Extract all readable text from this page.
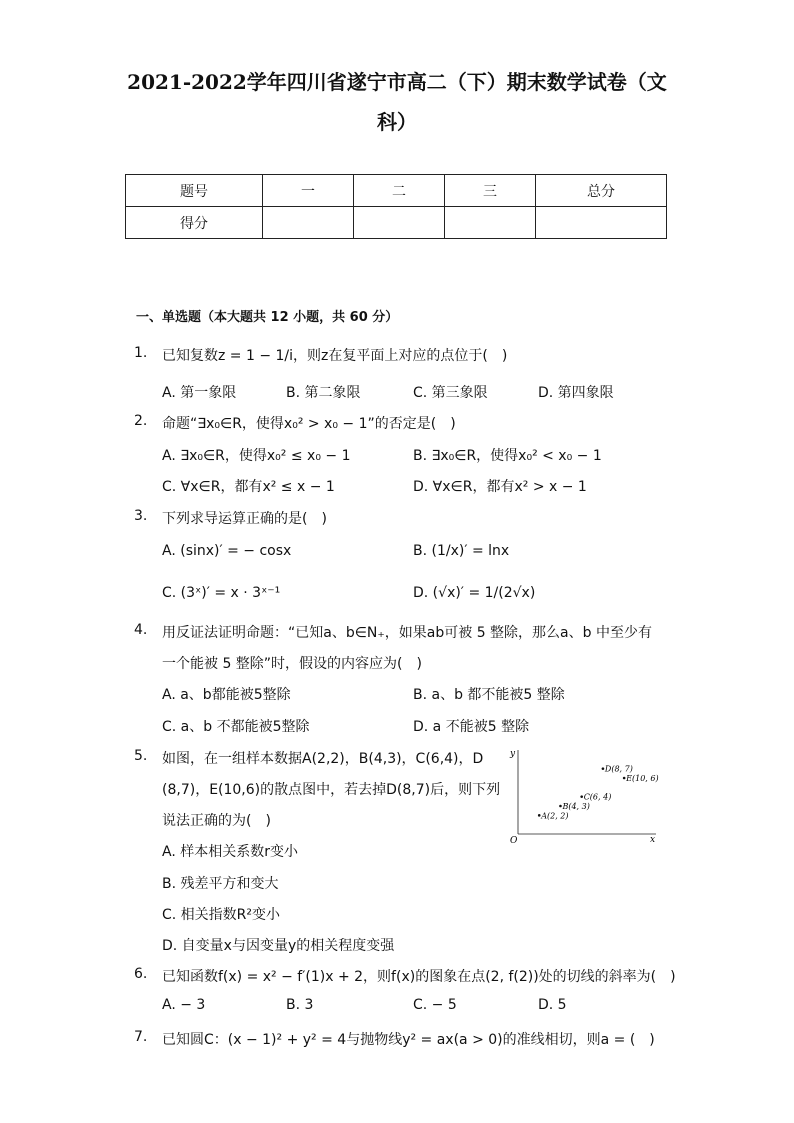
2021-2022学年四川省遂宁市高二（下）期末数学试卷（文
科）
题号	一	二	三	总分
得分				
一、单选题（本大题共 12 小题，共 60 分）
1. 已知复数z = 1 − 1/i，则z在复平面上对应的点位于(　)
A. 第一象限	B. 第二象限	C. 第三象限	D. 第四象限
2. 命题“∃x₀∈R，使得x₀² > x₀ − 1”的否定是(　)
A. ∃x₀∈R，使得x₀² ≤ x₀ − 1	B. ∃x₀∈R，使得x₀² < x₀ − 1
C. ∀x∈R，都有x² ≤ x − 1	D. ∀x∈R，都有x² > x − 1
3. 下列求导运算正确的是(　)
A. (sinx)′ = − cosx	B. (1/x)′ = lnx
C. (3ˣ)′ = x · 3ˣ⁻¹	D. (√x)′ = 1/(2√x)
4. 用反证法证明命题：“已知a、b∈N₊，如果ab可被 5 整除，那么a、b 中至少有
一个能被 5 整除”时，假设的内容应为(　)
A. a、b都能被5整除	B. a、b 都不能被5 整除
C. a、b 不都能被5整除	D. a 不能被5 整除
5. 如图，在一组样本数据A(2,2)，B(4,3)，C(6,4)，D
(8,7)，E(10,6)的散点图中，若去掉D(8,7)后，则下列
说法正确的为(　)
A. 样本相关系数r变小
B. 残差平方和变大
C. 相关指数R²变小
D. 自变量x与因变量y的相关程度变强
O	x
y
A(2, 2)
B(4, 3)
C(6, 4)
D(8, 7)
E(10, 6)
6. 已知函数f(x) = x² − f′(1)x + 2，则f(x)的图象在点(2, f(2))处的切线的斜率为(　)
A. − 3	B. 3	C. − 5	D. 5
7. 已知圆C：(x − 1)² + y² = 4与抛物线y² = ax(a > 0)的准线相切，则a = (　)
